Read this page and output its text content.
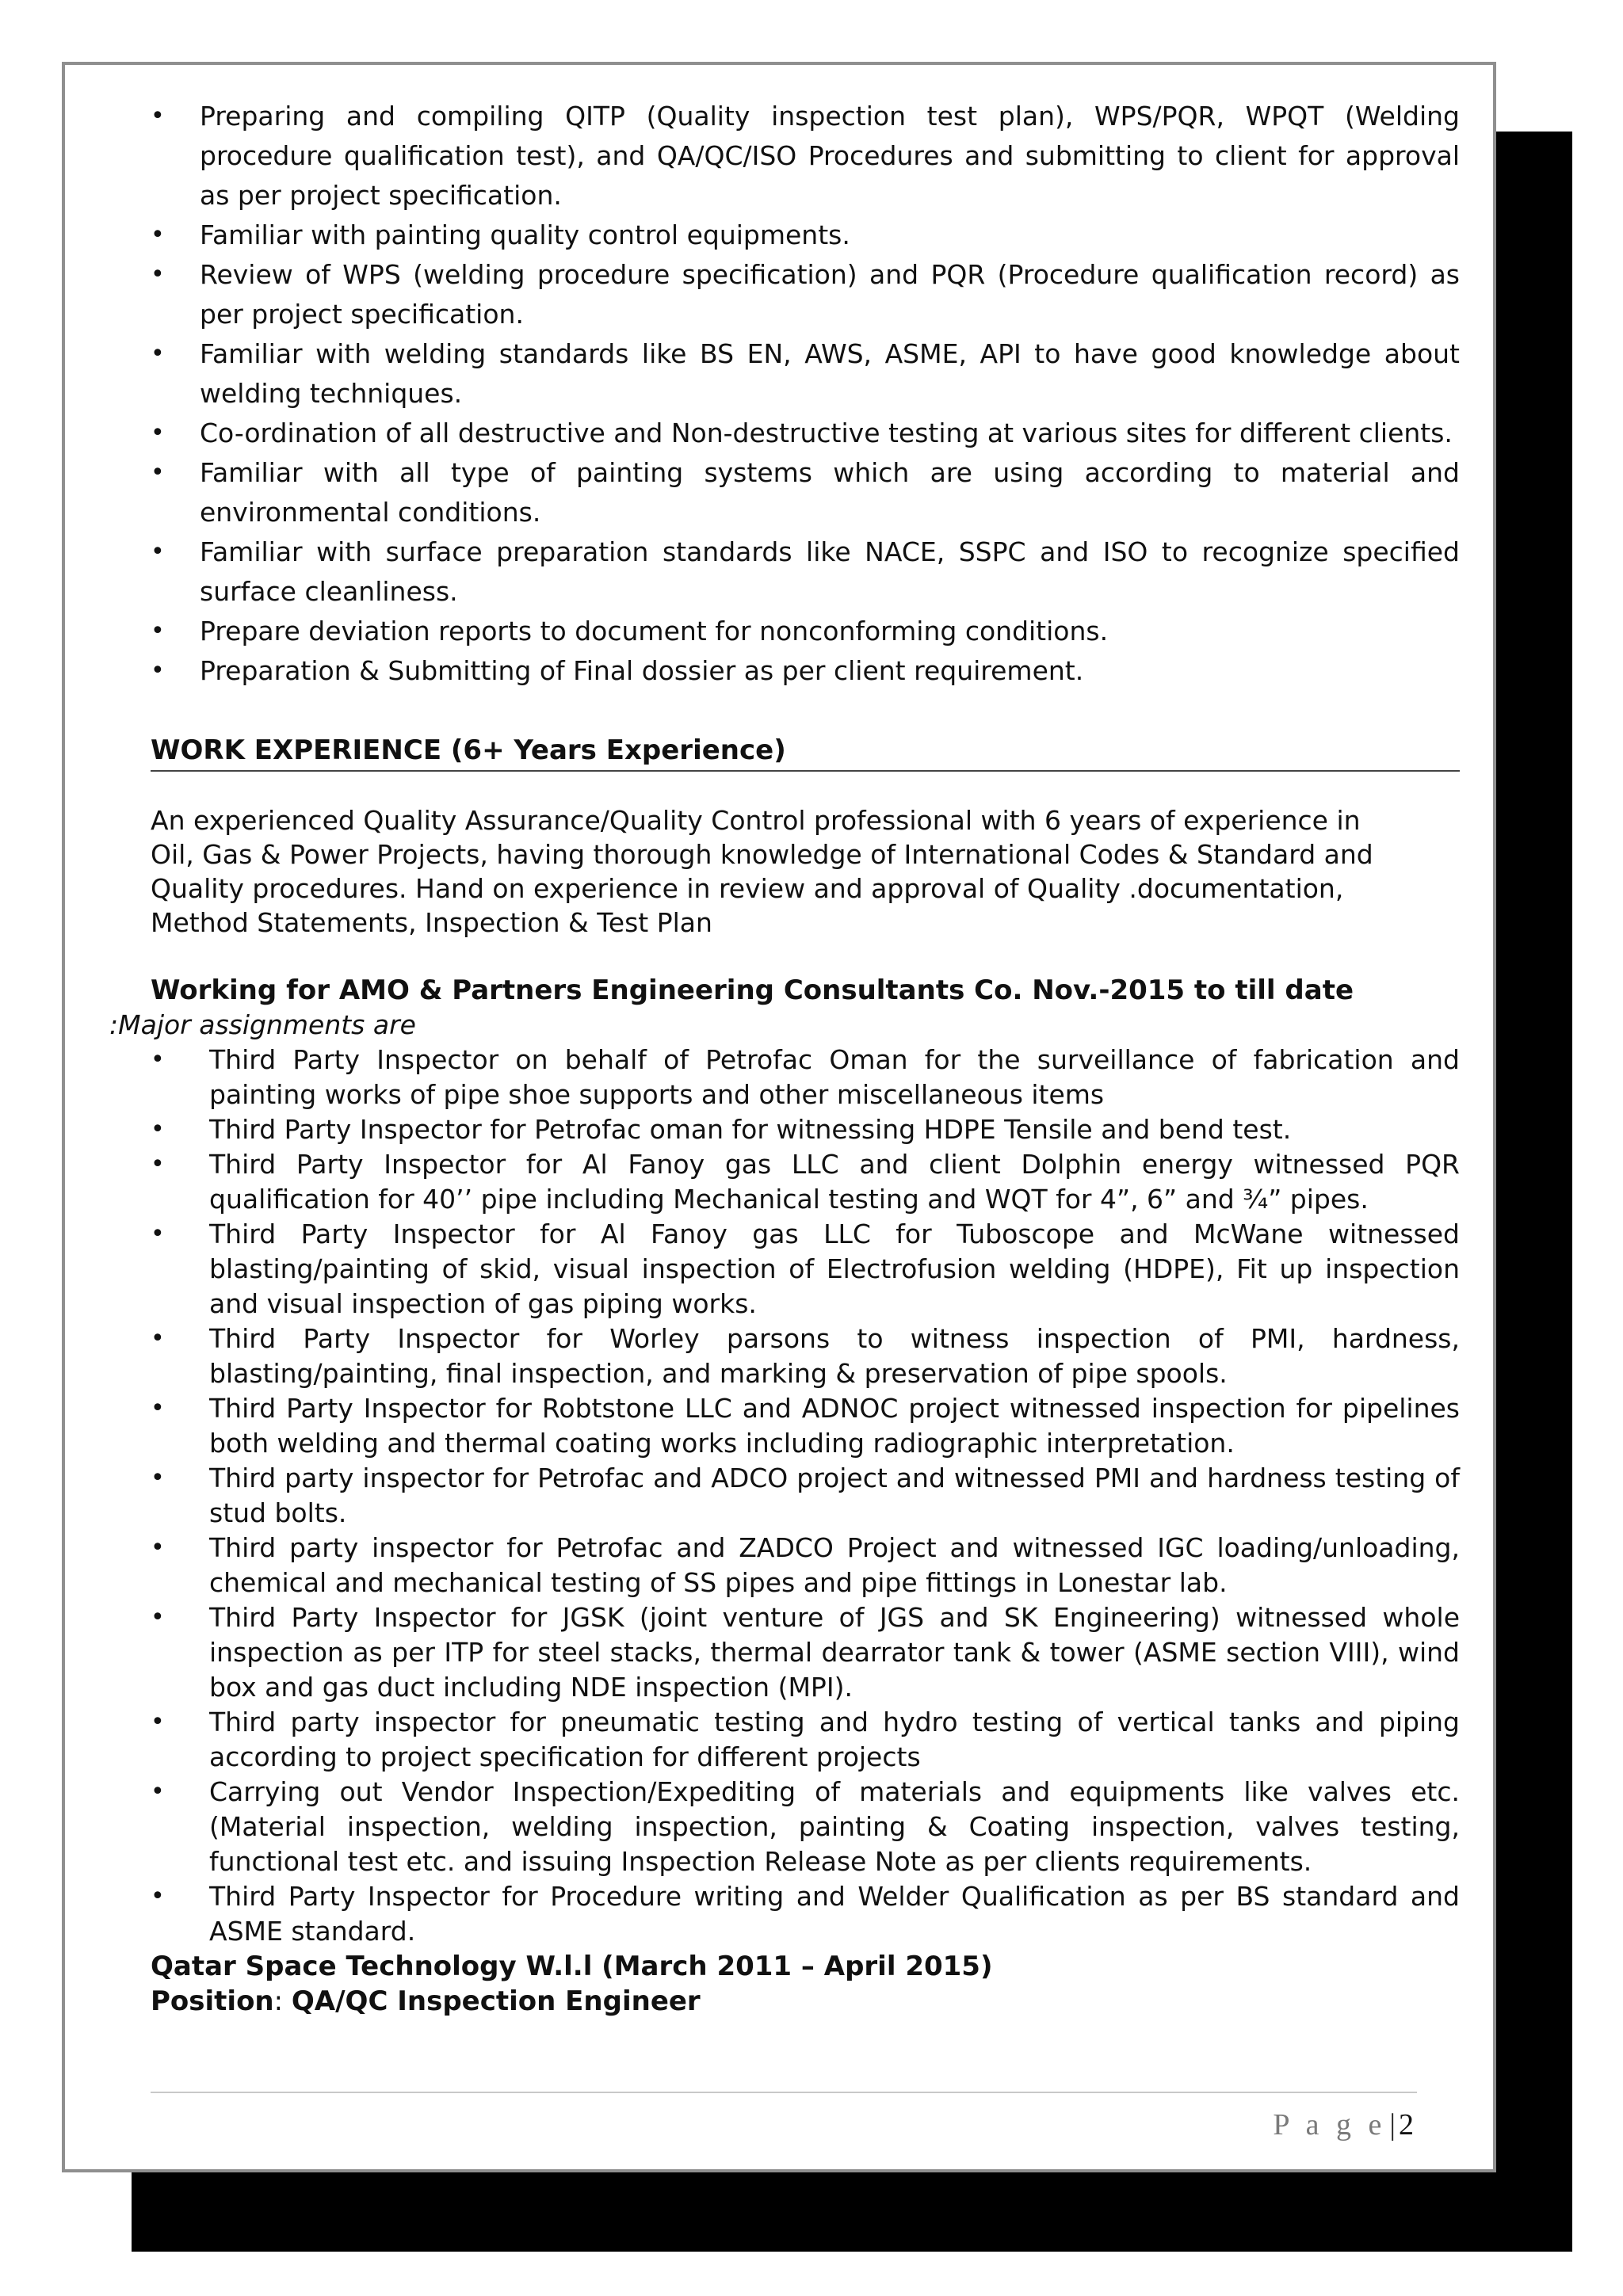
• Preparing and compiling QITP (Quality inspection test plan), WPS/PQR, WPQT (Welding procedure qualification test), and QA/QC/ISO Procedures and submitting to client for approval as per project specification.
• Familiar with painting quality control equipments.
• Review of WPS (welding procedure specification) and PQR (Procedure qualification record) as per project specification.
• Familiar with welding standards like BS EN, AWS, ASME, API to have good knowledge about welding techniques.
• Co-ordination of all destructive and Non-destructive testing at various sites for different clients.
• Familiar with all type of painting systems which are using according to material and environmental conditions.
• Familiar with surface preparation standards like NACE, SSPC and ISO to recognize specified surface cleanliness.
• Prepare deviation reports to document for nonconforming conditions.
• Preparation & Submitting of Final dossier as per client requirement.
WORK EXPERIENCE (6+ Years Experience)
An experienced Quality Assurance/Quality Control professional with 6 years of experience in Oil, Gas & Power Projects, having thorough knowledge of International Codes & Standard and Quality procedures. Hand on experience in review and approval of Quality .documentation, Method Statements, Inspection & Test Plan
Working for AMO & Partners Engineering Consultants Co. Nov.-2015 to till date
:Major assignments are
• Third Party Inspector on behalf of Petrofac Oman for the surveillance of fabrication and painting works of pipe shoe supports and other miscellaneous items
• Third Party Inspector for Petrofac oman for witnessing HDPE Tensile and bend test.
• Third Party Inspector for Al Fanoy gas LLC and client Dolphin energy witnessed PQR qualification for 40’’ pipe including Mechanical testing and WQT for 4”, 6” and ¾” pipes.
• Third Party Inspector for Al Fanoy gas LLC for Tuboscope and McWane witnessed blasting/painting of skid, visual inspection of Electrofusion welding (HDPE), Fit up inspection and visual inspection of gas piping works.
• Third Party Inspector for Worley parsons to witness inspection of PMI, hardness, blasting/painting, final inspection, and marking & preservation of pipe spools.
• Third Party Inspector for Robtstone LLC and ADNOC project witnessed inspection for pipelines both welding and thermal coating works including radiographic interpretation.
• Third party inspector for Petrofac and ADCO project and witnessed PMI and hardness testing of stud bolts.
• Third party inspector for Petrofac and ZADCO Project and witnessed IGC loading/unloading, chemical and mechanical testing of SS pipes and pipe fittings in Lonestar lab.
• Third Party Inspector for JGSK (joint venture of JGS and SK Engineering) witnessed whole inspection as per ITP for steel stacks, thermal dearrator tank & tower (ASME section VIII), wind box and gas duct including NDE inspection (MPI).
• Third party inspector for pneumatic testing and hydro testing of vertical tanks and piping according to project specification for different projects
• Carrying out Vendor Inspection/Expediting of materials and equipments like valves etc. (Material inspection, welding inspection, painting & Coating inspection, valves testing, functional test etc. and issuing Inspection Release Note as per clients requirements.
• Third Party Inspector for Procedure writing and Welder Qualification as per BS standard and ASME standard.
Qatar Space Technology W.l.l (March 2011 – April 2015)
Position: QA/QC Inspection Engineer
P a g e | 2
